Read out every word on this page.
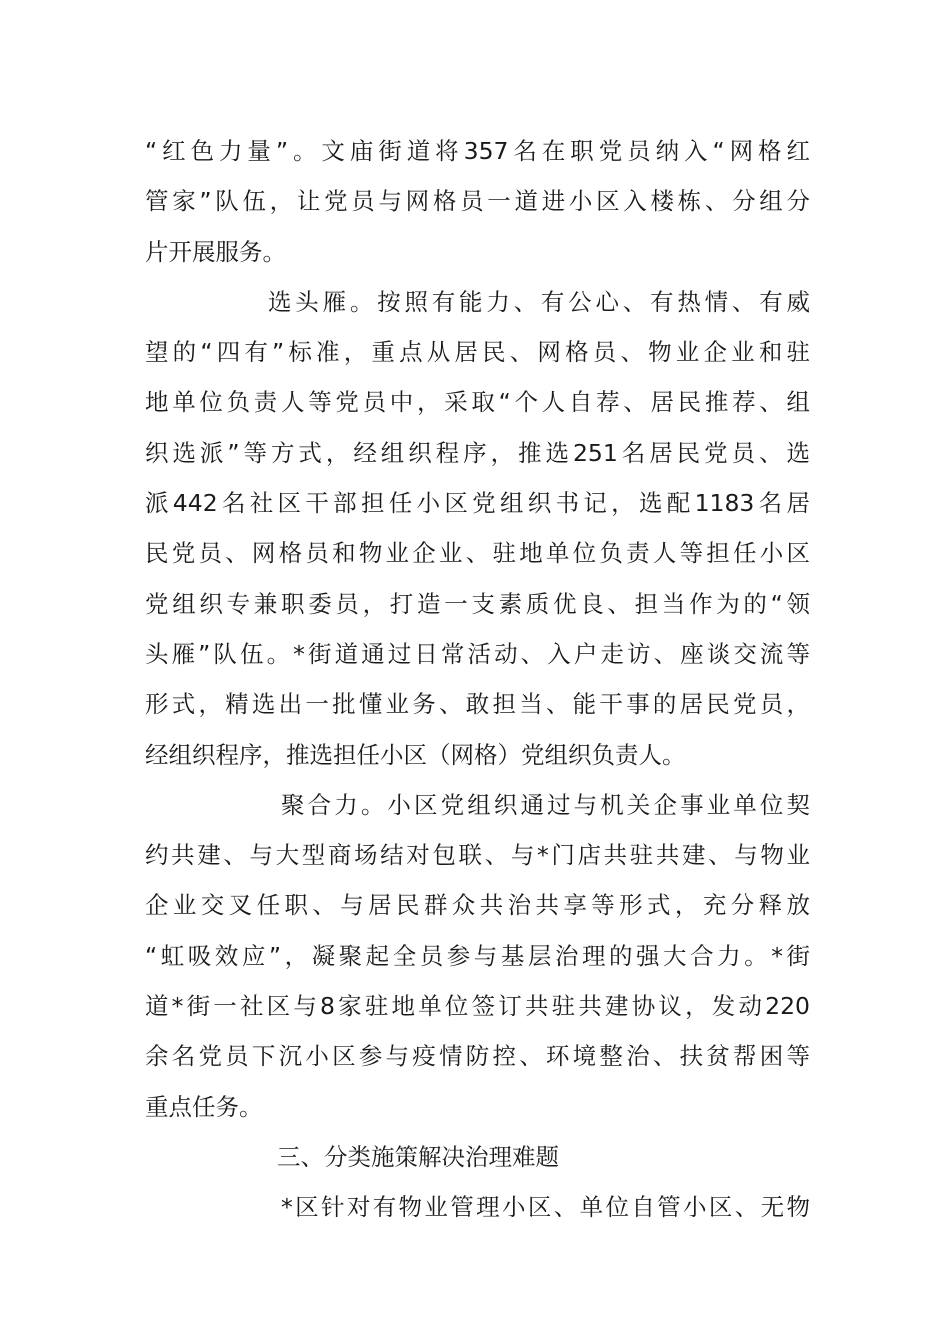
“红色力量”。文庙街道将357名在职党员纳入“网格红
管家”队伍，让党员与网格员一道进小区入楼栋、分组分
片开展服务。
选头雁。按照有能力、有公心、有热情、有威
望的“四有”标准，重点从居民、网格员、物业企业和驻
地单位负责人等党员中，采取“个人自荐、居民推荐、组
织选派”等方式，经组织程序，推选251名居民党员、选
派442名社区干部担任小区党组织书记，选配1183名居
民党员、网格员和物业企业、驻地单位负责人等担任小区
党组织专兼职委员，打造一支素质优良、担当作为的“领
头雁”队伍。*街道通过日常活动、入户走访、座谈交流等
形式，精选出一批懂业务、敢担当、能干事的居民党员，
经组织程序，推选担任小区（网格）党组织负责人。
聚合力。小区党组织通过与机关企事业单位契
约共建、与大型商场结对包联、与*门店共驻共建、与物业
企业交叉任职、与居民群众共治共享等形式，充分释放
“虹吸效应”，凝聚起全员参与基层治理的强大合力。*街
道*街一社区与8家驻地单位签订共驻共建协议，发动220
余名党员下沉小区参与疫情防控、环境整治、扶贫帮困等
重点任务。
三、分类施策解决治理难题
*区针对有物业管理小区、单位自管小区、无物
